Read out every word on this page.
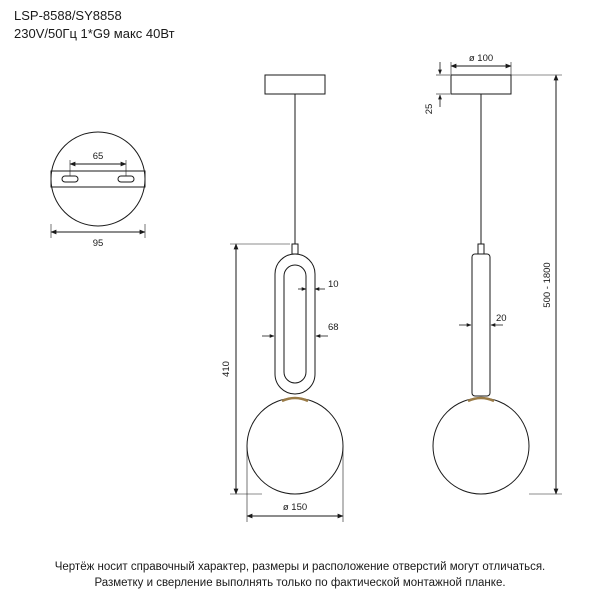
LSP-8588/SY8858
230V/50Гц 1*G9 макс 40Вт
65
95
10
68
410
ø 150
ø 100
25
20
500 - 1800
Чертёж носит справочный характер, размеры и расположение отверстий могут отличаться.
Разметку и сверление выполнять только по фактической монтажной планке.
